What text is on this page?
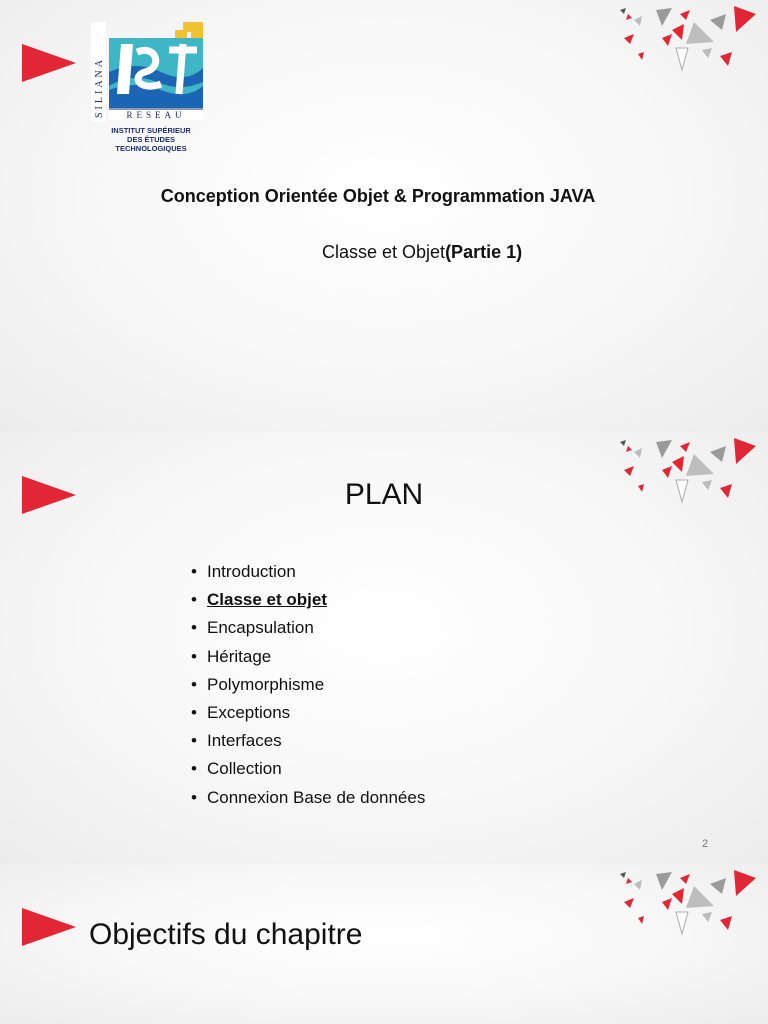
SILIANA RESEAU
INSTITUT SUPÉRIEUR
DES ÉTUDES
TECHNOLOGIQUES
Conception Orientée Objet & Programmation JAVA
Classe et Objet(Partie 1)
PLAN
• Introduction
• Classe et objet
• Encapsulation
• Héritage
• Polymorphisme
• Exceptions
• Interfaces
• Collection
• Connexion Base de données
2
Objectifs du chapitre
